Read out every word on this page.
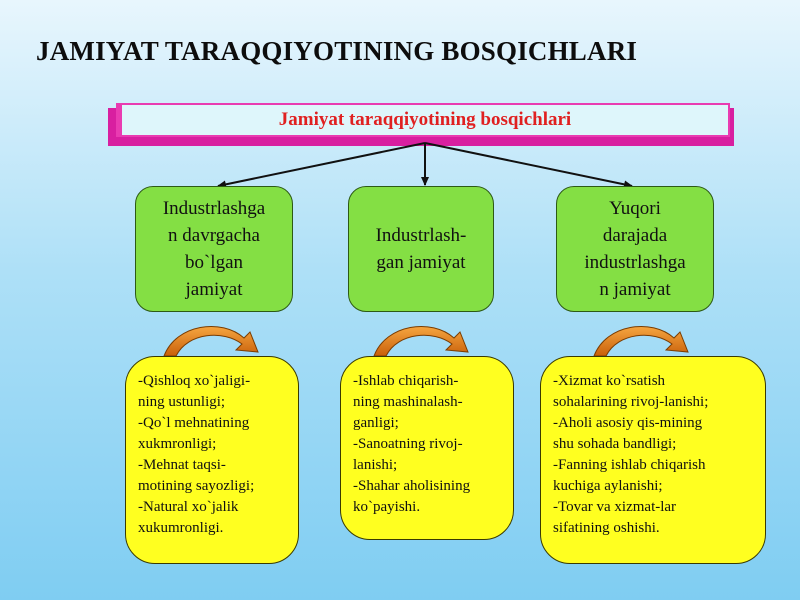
JAMIYAT TARAQQIYOTINING BOSQICHLARI
Jamiyat taraqqiyotining bosqichlari
Industrlashga
n davrgacha
bo`lgan
jamiyat
Industrlash-
gan jamiyat
Yuqori
darajada
industrlashga
n jamiyat
-Qishloq xo`jaligi-
ning ustunligi;
-Qo`l mehnatining
xukmronligi;
-Mehnat taqsi-
motining sayozligi;
-Natural xo`jalik
xukumronligi.
-Ishlab chiqarish-
ning mashinalash-
ganligi;
-Sanoatning rivoj-
lanishi;
-Shahar aholisining
ko`payishi.
-Xizmat ko`rsatish
sohalarining rivoj-lanishi;
-Aholi asosiy qis-mining
shu sohada bandligi;
-Fanning ishlab chiqarish
kuchiga aylanishi;
-Tovar va xizmat-lar
sifatining oshishi.
